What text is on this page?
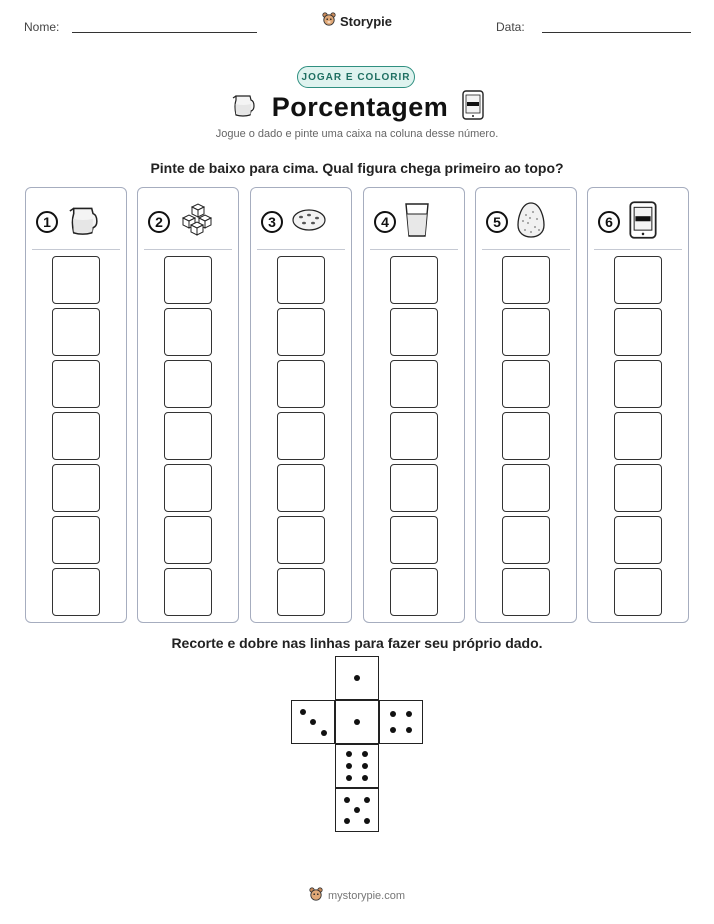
Nome:	Storypie	Data:
JOGAR E COLORIR
Porcentagem
Jogue o dado e pinte uma caixa na coluna desse número.
Pinte de baixo para cima. Qual figura chega primeiro ao topo?
1	2	3	4	5	6
Recorte e dobre nas linhas para fazer seu próprio dado.
mystorypie.com
